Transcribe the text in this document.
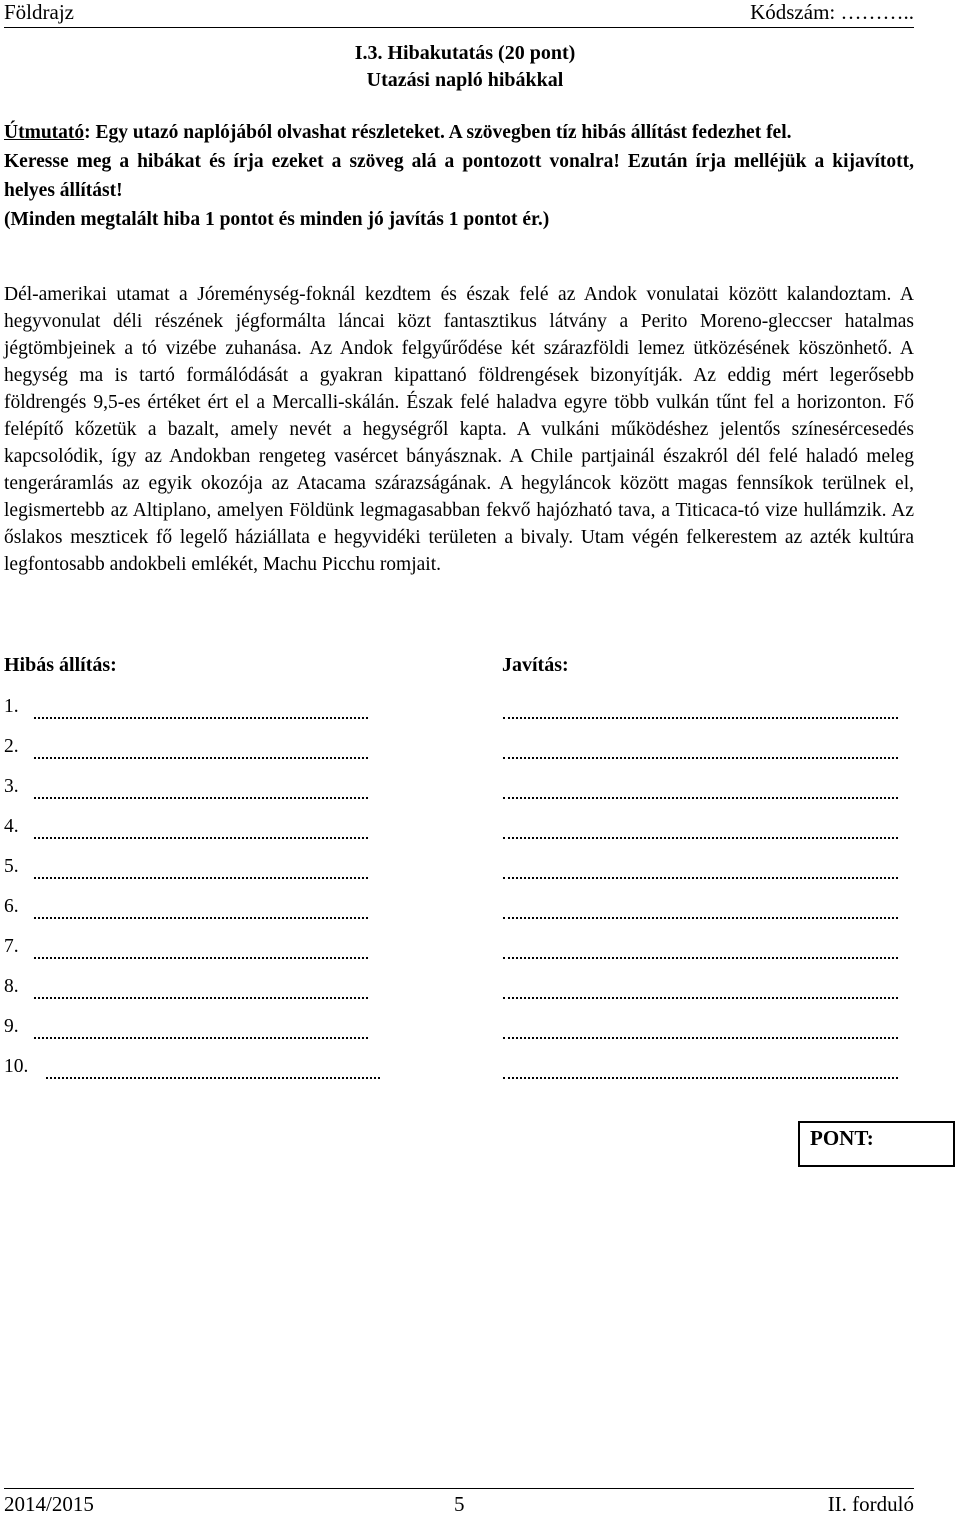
Földrajz	Kódszám: ………..
I.3. Hibakutatás (20 pont)
Utazási napló hibákkal
Útmutató: Egy utazó naplójából olvashat részleteket. A szövegben tíz hibás állítást fedezhet fel.
Keresse meg a hibákat és írja ezeket a szöveg alá a pontozott vonalra! Ezután írja melléjük a kijavított, helyes állítást!
(Minden megtalált hiba 1 pontot és minden jó javítás 1 pontot ér.)
Dél-amerikai utamat a Jóreménység-foknál kezdtem és észak felé az Andok vonulatai között kalandoztam. A hegyvonulat déli részének jégformálta láncai közt fantasztikus látvány a Perito Moreno-gleccser hatalmas jégtömbjeinek a tó vizébe zuhanása. Az Andok felgyűrődése két szárazföldi lemez ütközésének köszönhető. A hegység ma is tartó formálódását a gyakran kipattanó földrengések bizonyítják. Az eddig mért legerősebb földrengés 9,5-es értéket ért el a Mercalli-skálán. Észak felé haladva egyre több vulkán tűnt fel a horizonton. Fő felépítő kőzetük a bazalt, amely nevét a hegységről kapta. A vulkáni működéshez jelentős színesércesedés kapcsolódik, így az Andokban rengeteg vasércet bányásznak. A Chile partjainál északról dél felé haladó meleg tengeráramlás az egyik okozója az Atacama szárazságának. A hegyláncok között magas fennsíkok terülnek el, legismertebb az Altiplano, amelyen Földünk legmagasabban fekvő hajózható tava, a Titicaca-tó vize hullámzik. Az őslakos meszticek fő legelő háziállata e hegyvidéki területen a bivaly. Utam végén felkerestem az azték kultúra legfontosabb andokbeli emlékét, Machu Picchu romjait.
Hibás állítás:	Javítás:
1.
2.
3.
4.
5.
6.
7.
8.
9.
10.
PONT:
2014/2015	5	II. forduló
